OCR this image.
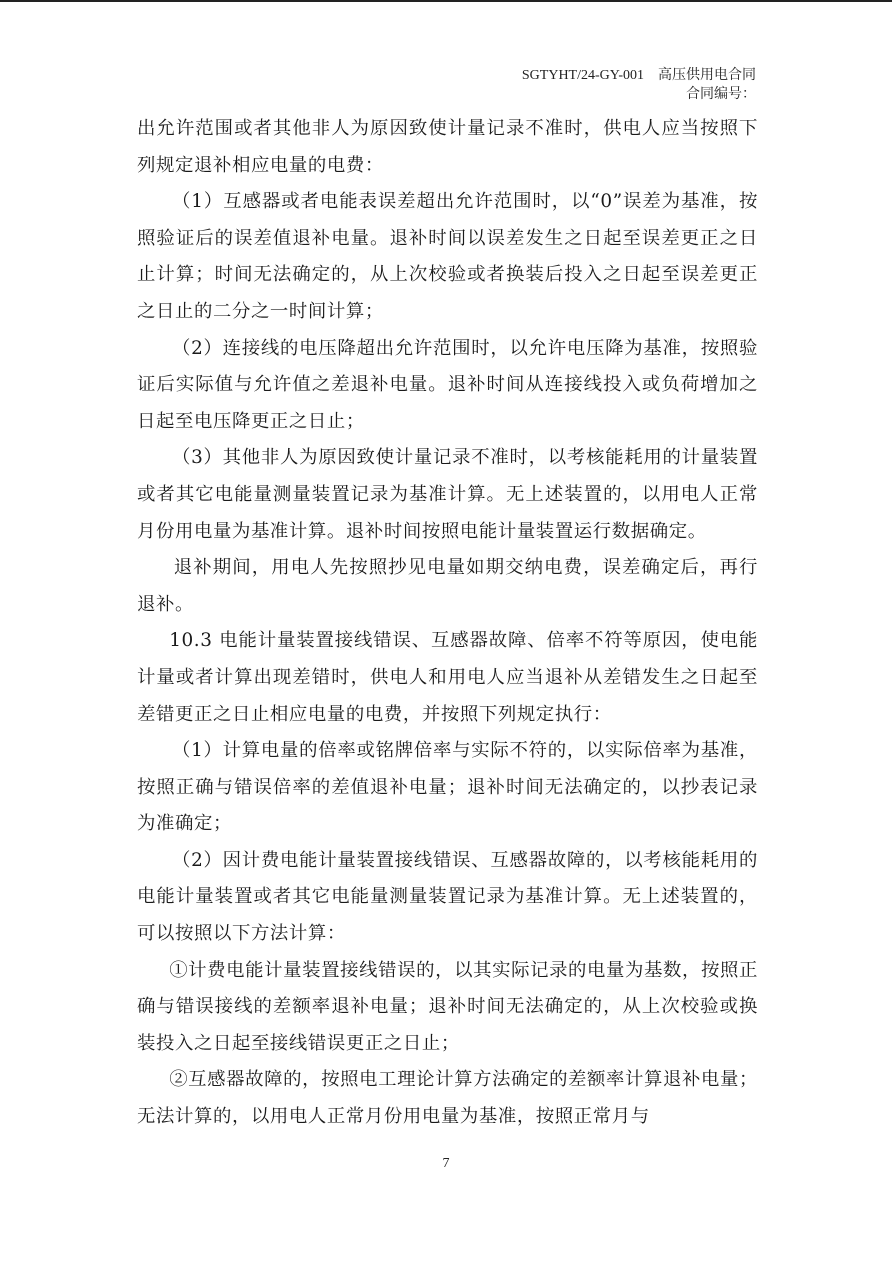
SGTYHT/24-GY-001 高压供用电合同
合同编号：

出允许范围或者其他非人为原因致使计量记录不准时，供电人应当按照下列规定退补相应电量的电费：

（1）互感器或者电能表误差超出允许范围时，以“0”误差为基准，按照验证后的误差值退补电量。退补时间以误差发生之日起至误差更正之日止计算；时间无法确定的，从上次校验或者换装后投入之日起至误差更正之日止的二分之一时间计算；

（2）连接线的电压降超出允许范围时，以允许电压降为基准，按照验证后实际值与允许值之差退补电量。退补时间从连接线投入或负荷增加之日起至电压降更正之日止；

（3）其他非人为原因致使计量记录不准时，以考核能耗用的计量装置或者其它电能量测量装置记录为基准计算。无上述装置的，以用电人正常月份用电量为基准计算。退补时间按照电能计量装置运行数据确定。

退补期间，用电人先按照抄见电量如期交纳电费，误差确定后，再行退补。

10.3 电能计量装置接线错误、互感器故障、倍率不符等原因，使电能计量或者计算出现差错时，供电人和用电人应当退补从差错发生之日起至差错更正之日止相应电量的电费，并按照下列规定执行：

（1）计算电量的倍率或铭牌倍率与实际不符的，以实际倍率为基准，按照正确与错误倍率的差值退补电量；退补时间无法确定的，以抄表记录为准确定；

（2）因计费电能计量装置接线错误、互感器故障的，以考核能耗用的电能计量装置或者其它电能量测量装置记录为基准计算。无上述装置的，可以按照以下方法计算：

①计费电能计量装置接线错误的，以其实际记录的电量为基数，按照正确与错误接线的差额率退补电量；退补时间无法确定的，从上次校验或换装投入之日起至接线错误更正之日止；

②互感器故障的，按照电工理论计算方法确定的差额率计算退补电量；无法计算的，以用电人正常月份用电量为基准，按照正常月与

7
